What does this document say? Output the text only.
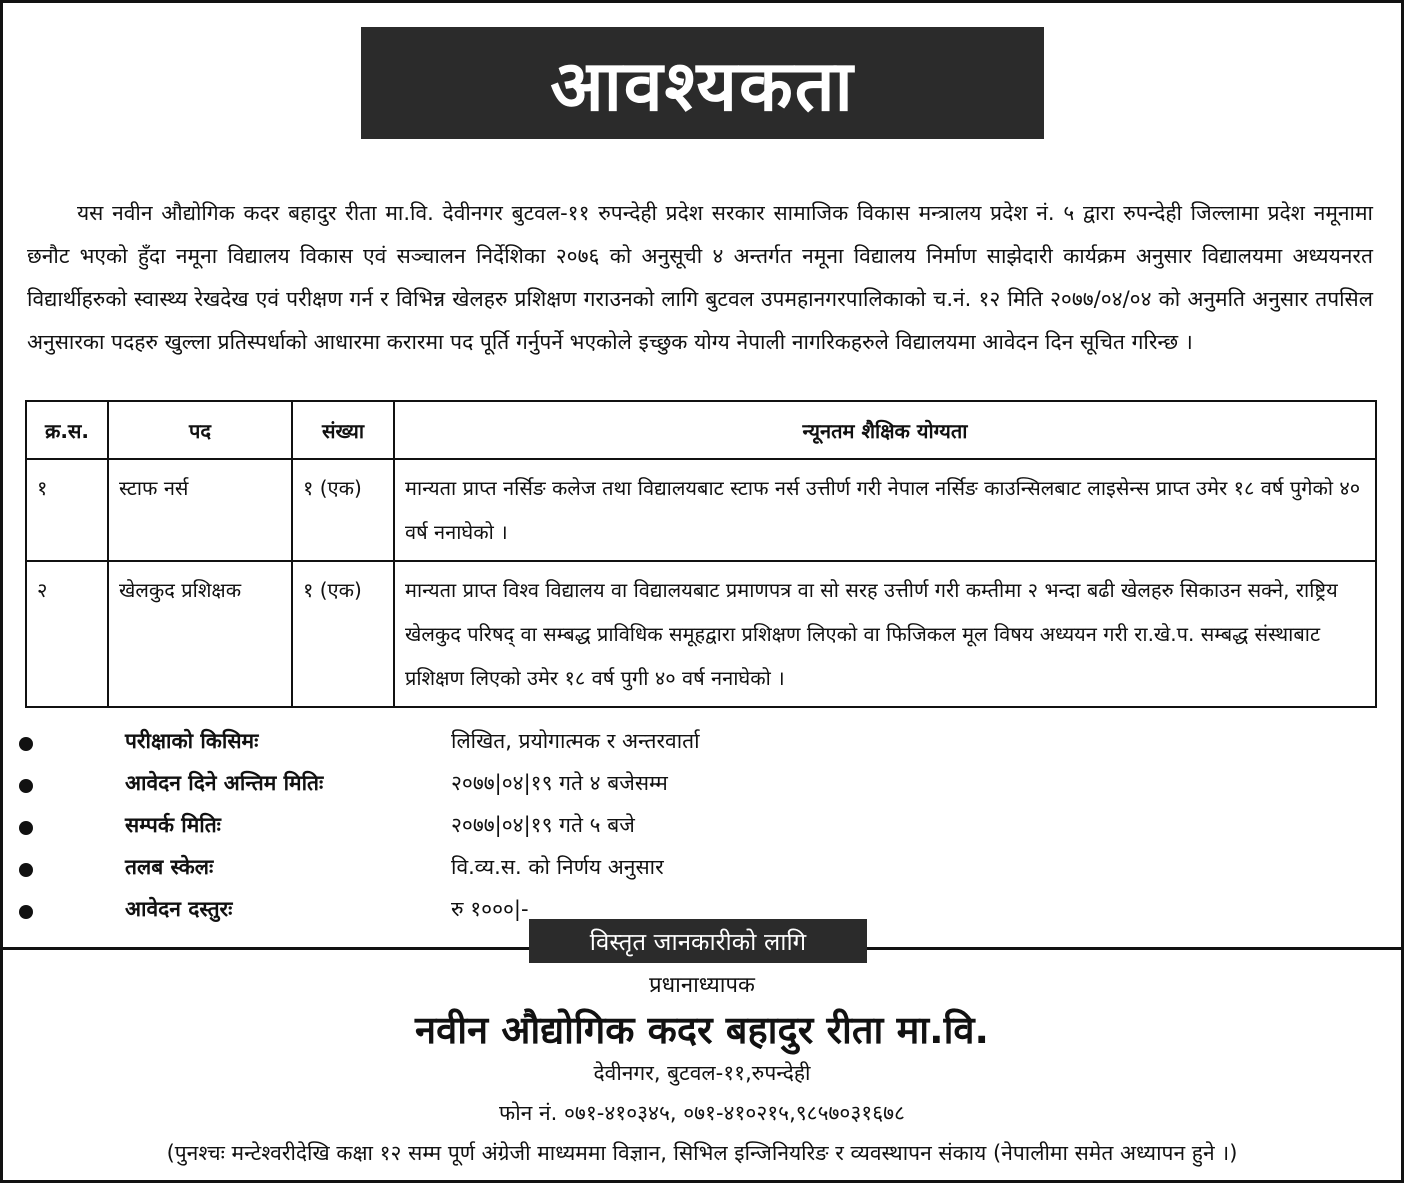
आवश्यकता

यस नवीन औद्योगिक कदर बहादुर रीता मा.वि. देवीनगर बुटवल-११ रुपन्देही प्रदेश सरकार सामाजिक विकास मन्त्रालय प्रदेश नं. ५ द्वारा रुपन्देही जिल्लामा प्रदेश नमूनामा छनौट भएको हुँदा नमूना विद्यालय विकास एवं सञ्चालन निर्देशिका २०७६ को अनुसूची ४ अन्तर्गत नमूना विद्यालय निर्माण साझेदारी कार्यक्रम अनुसार विद्यालयमा अध्ययनरत विद्यार्थीहरुको स्वास्थ्य रेखदेख एवं परीक्षण गर्न र विभिन्न खेलहरु प्रशिक्षण गराउनको लागि बुटवल उपमहानगरपालिकाको च.नं. १२ मिति २०७७/०४/०४ को अनुमति अनुसार तपसिल अनुसारका पदहरु खुल्ला प्रतिस्पर्धाको आधारमा करारमा पद पूर्ति गर्नुपर्ने भएकोले इच्छुक योग्य नेपाली नागरिकहरुले विद्यालयमा आवेदन दिन सूचित गरिन्छ ।

क्र.स.	पद	संख्या	न्यूनतम शैक्षिक योग्यता
१	स्टाफ नर्स	१ (एक)	मान्यता प्राप्त नर्सिङ कलेज तथा विद्यालयबाट स्टाफ नर्स उत्तीर्ण गरी नेपाल नर्सिङ काउन्सिलबाट लाइसेन्स प्राप्त उमेर १८ वर्ष पुगेको ४० वर्ष ननाघेको ।
२	खेलकुद प्रशिक्षक	१ (एक)	मान्यता प्राप्त विश्व विद्यालय वा विद्यालयबाट प्रमाणपत्र वा सो सरह उत्तीर्ण गरी कम्तीमा २ भन्दा बढी खेलहरु सिकाउन सक्ने, राष्ट्रिय खेलकुद परिषद् वा सम्बद्ध प्राविधिक समूहद्वारा प्रशिक्षण लिएको वा फिजिकल मूल विषय अध्ययन गरी रा.खे.प. सम्बद्ध संस्थाबाट प्रशिक्षण लिएको उमेर १८ वर्ष पुगी ४० वर्ष ननाघेको ।
परीक्षाको किसिमः	लिखित, प्रयोगात्मक र अन्तरवार्ता
आवेदन दिने अन्तिम मितिः	२०७७|०४|१९ गते ४ बजेसम्म
सम्पर्क मितिः	२०७७|०४|१९ गते ५ बजे
तलब स्केलः	वि.व्य.स. को निर्णय अनुसार
आवेदन दस्तुरः	रु १०००|-
विस्तृत जानकारीको लागि
प्रधानाध्यापक
नवीन औद्योगिक कदर बहादुर रीता मा.वि.
देवीनगर, बुटवल-११,रुपन्देही
फोन नं. ०७१-४१०३४५, ०७१-४१०२१५,९८५७०३१६७८
(पुनश्चः मन्टेश्वरीदेखि कक्षा १२ सम्म पूर्ण अंग्रेजी माध्यममा विज्ञान, सिभिल इन्जिनियरिङ र व्यवस्थापन संकाय (नेपालीमा समेत अध्यापन हुने ।)
